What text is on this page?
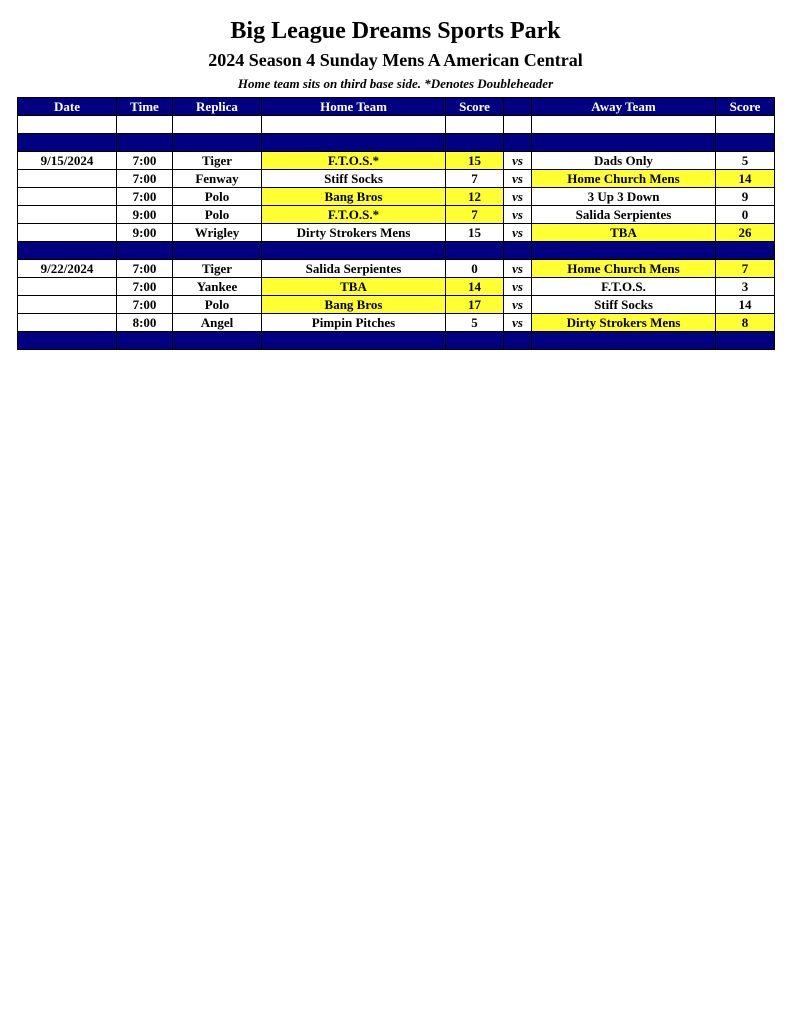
Big League Dreams Sports Park
2024 Season 4 Sunday Mens A American Central
Home team sits on third base side. *Denotes Doubleheader
Date	Time	Replica	Home Team	Score		Away Team	Score

9/15/2024	7:00	Tiger	F.T.O.S.*	15	vs	Dads Only	5
	7:00	Fenway	Stiff Socks	7	vs	Home Church Mens	14
	7:00	Polo	Bang Bros	12	vs	3 Up 3 Down	9
	9:00	Polo	F.T.O.S.*	7	vs	Salida Serpientes	0
	9:00	Wrigley	Dirty Strokers Mens	15	vs	TBA	26

9/22/2024	7:00	Tiger	Salida Serpientes	0	vs	Home Church Mens	7
	7:00	Yankee	TBA	14	vs	F.T.O.S.	3
	7:00	Polo	Bang Bros	17	vs	Stiff Socks	14
	8:00	Angel	Pimpin Pitches	5	vs	Dirty Strokers Mens	8
